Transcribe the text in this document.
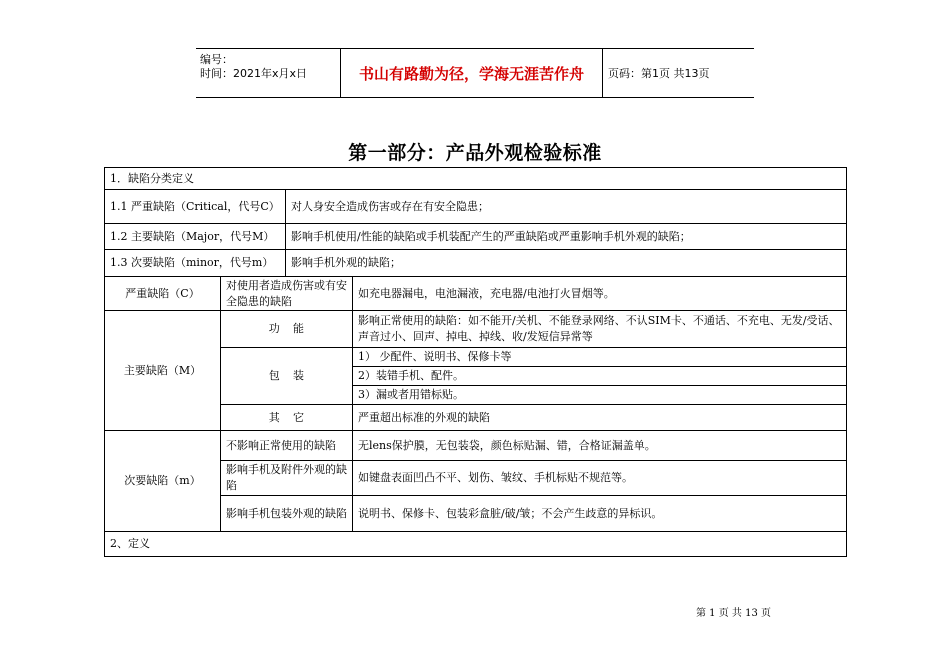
编号：
时间：2021年x月x日	书山有路勤为径，学海无涯苦作舟	页码：第1页 共13页
第一部分：产品外观检验标准
1．缺陷分类定义			
1.1 严重缺陷（Critical，代号C）		对人身安全造成伤害或存在有安全隐患；	
1.2 主要缺陷（Major，代号M）		影响手机使用/性能的缺陷或手机装配产生的严重缺陷或严重影响手机外观的缺陷；	
1.3 次要缺陷（minor，代号m）		影响手机外观的缺陷；	
严重缺陷（C）	对使用者造成伤害或有安全隐患的缺陷		如充电器漏电，电池漏液，充电器/电池打火冒烟等。
主要缺陷（M）	功能		影响正常使用的缺陷：如不能开/关机、不能登录网络、不认SIM卡、不通话、不充电、无发/受话、声音过小、回声、掉电、掉线、收/发短信异常等
	包装		1） 少配件、说明书、保修卡等
			2）装错手机、配件。
			3）漏或者用错标贴。
	其它		严重超出标准的外观的缺陷
次要缺陷（m）	不影响正常使用的缺陷		无lens保护膜，无包装袋，颜色标贴漏、错，合格证漏盖单。
	影响手机及附件外观的缺陷		如键盘表面凹凸不平、划伤、皱纹、手机标贴不规范等。
	影响手机包装外观的缺陷		说明书、保修卡、包装彩盒脏/破/皱；不会产生歧意的异标识。
2、定义			
第 1 页 共 13 页
